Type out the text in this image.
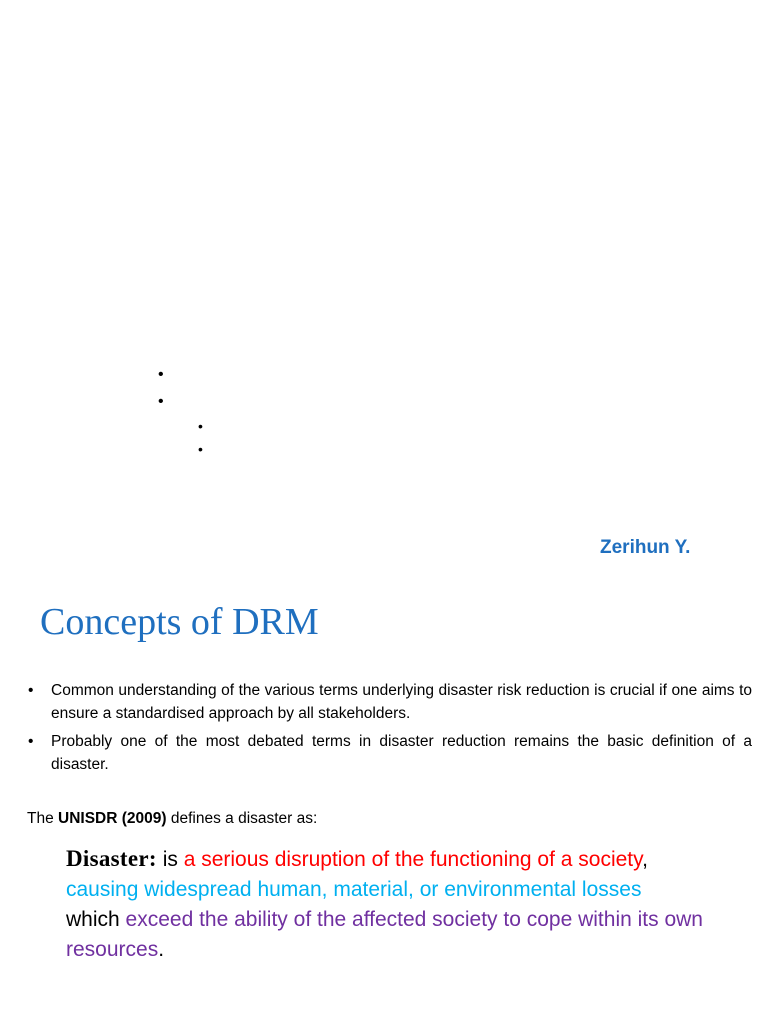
•
•
•
•
Zerihun Y.
Concepts of DRM
•	Common understanding of the various terms underlying disaster risk reduction is crucial if one aims to ensure a standardised approach by all stakeholders.
•	Probably one of the most debated terms in disaster reduction remains the basic definition of a disaster.
The UNISDR (2009) defines a disaster as:
Disaster: is a serious disruption of the functioning of a society,
causing widespread human, material, or environmental losses
which exceed the ability of the affected society to cope within its own resources.
